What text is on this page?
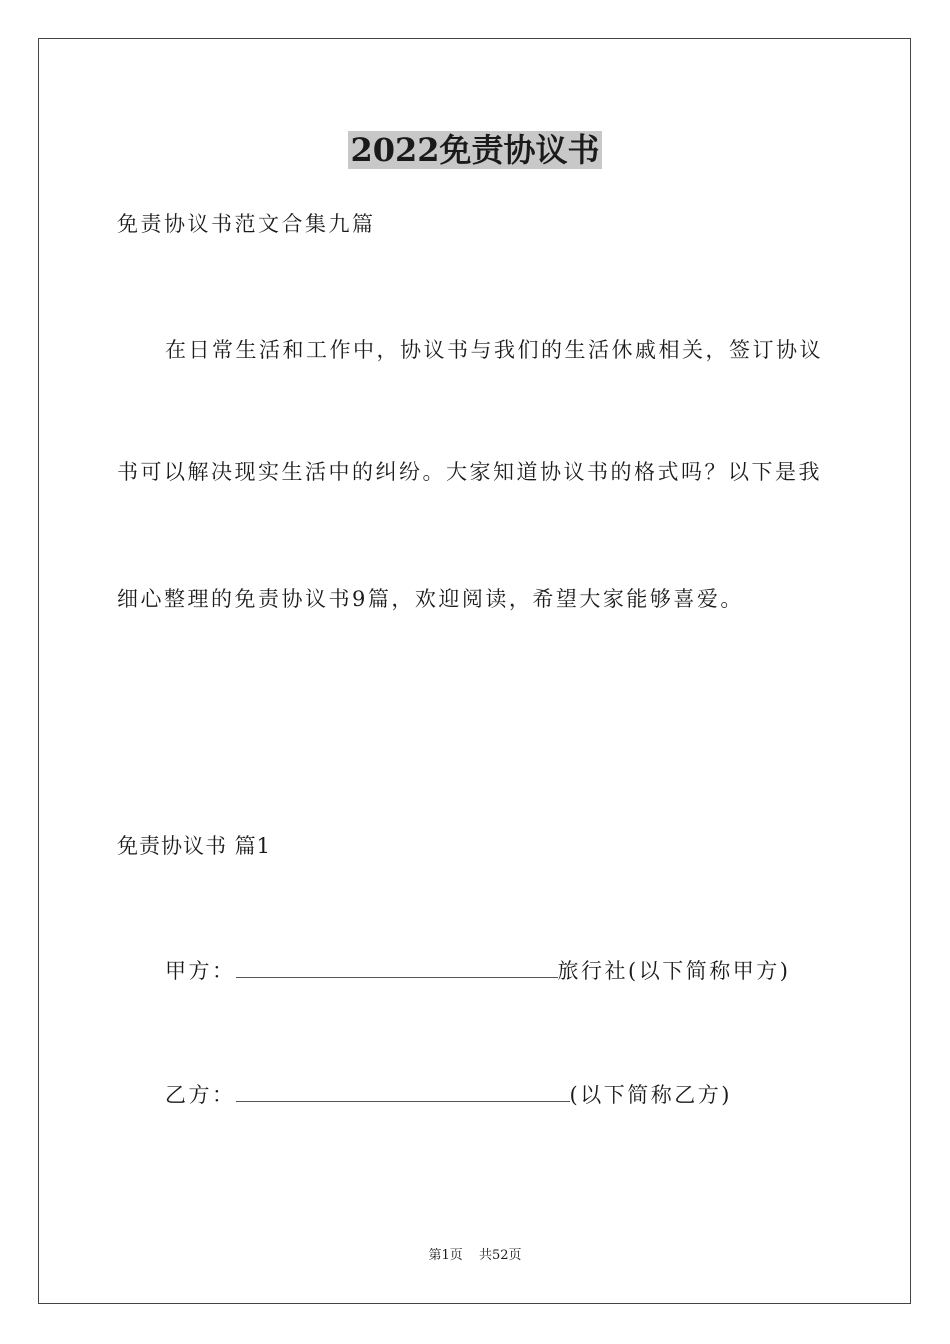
2022免责协议书
免责协议书范文合集九篇
在日常生活和工作中，协议书与我们的生活休戚相关，签订协议
书可以解决现实生活中的纠纷。大家知道协议书的格式吗？以下是我
细心整理的免责协议书9篇，欢迎阅读，希望大家能够喜爱。
免责协议书 篇1
甲方：	旅行社(以下简称甲方)
乙方：	(以下简称乙方)
第1页 共52页
